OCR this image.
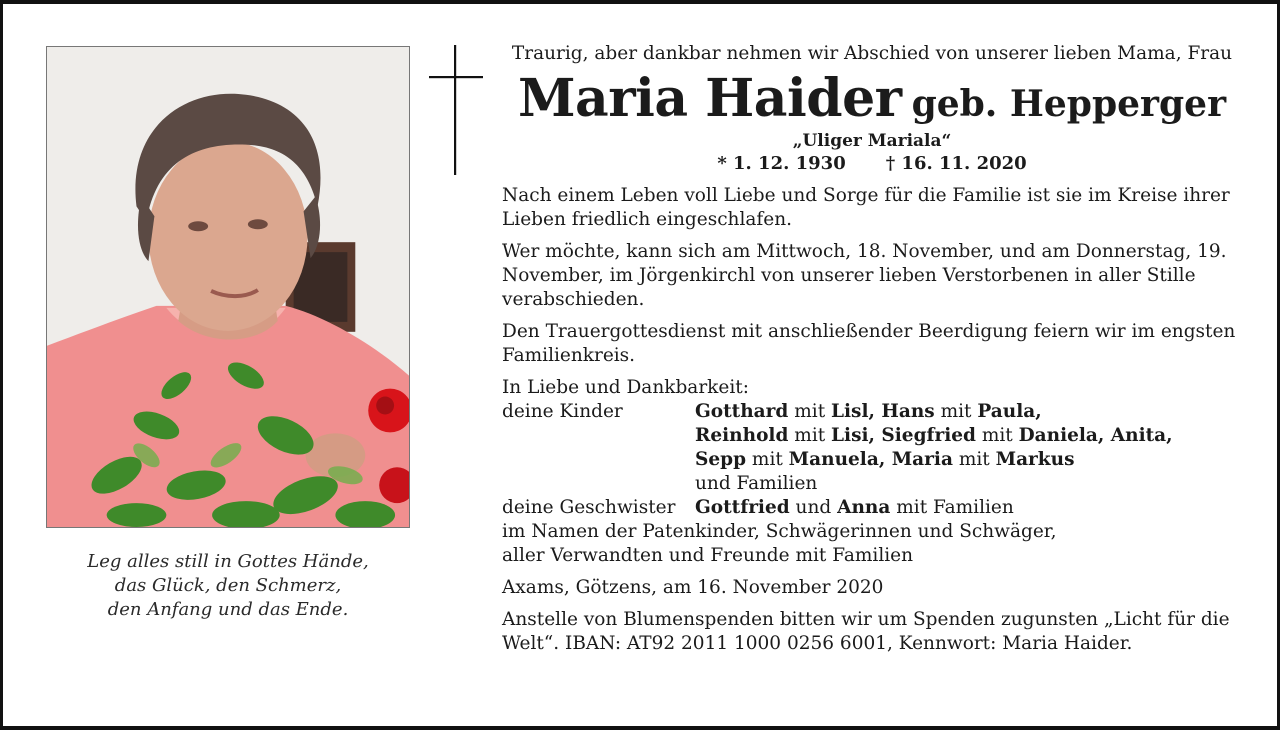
Leg alles still in Gottes Hände,
das Glück, den Schmerz,
den Anfang und das Ende.
Traurig, aber dankbar nehmen wir Abschied von unserer lieben Mama, Frau
Maria Haider geb. Hepperger
„Uliger Mariala“
* 1. 12. 1930 † 16. 11. 2020

Nach einem Leben voll Liebe und Sorge für die Familie ist sie im Kreise ihrer Lieben friedlich eingeschlafen.

Wer möchte, kann sich am Mittwoch, 18. November, und am Donnerstag, 19. November, im Jörgenkirchl von unserer lieben Verstorbenen in aller Stille verabschieden.

Den Trauergottesdienst mit anschließender Beerdigung feiern wir im engsten Familienkreis.

In Liebe und Dankbarkeit:
deine Kinder	Gotthard mit Lisl, Hans mit Paula,
Reinhold mit Lisi, Siegfried mit Daniela, Anita,
Sepp mit Manuela, Maria mit Markus
und Familien
deine Geschwister	Gottfried und Anna mit Familien
im Namen der Patenkinder, Schwägerinnen und Schwäger,
aller Verwandten und Freunde mit Familien

Axams, Götzens, am 16. November 2020

Anstelle von Blumenspenden bitten wir um Spenden zugunsten „Licht für die Welt“. IBAN: AT92 2011 1000 0256 6001, Kennwort: Maria Haider.
